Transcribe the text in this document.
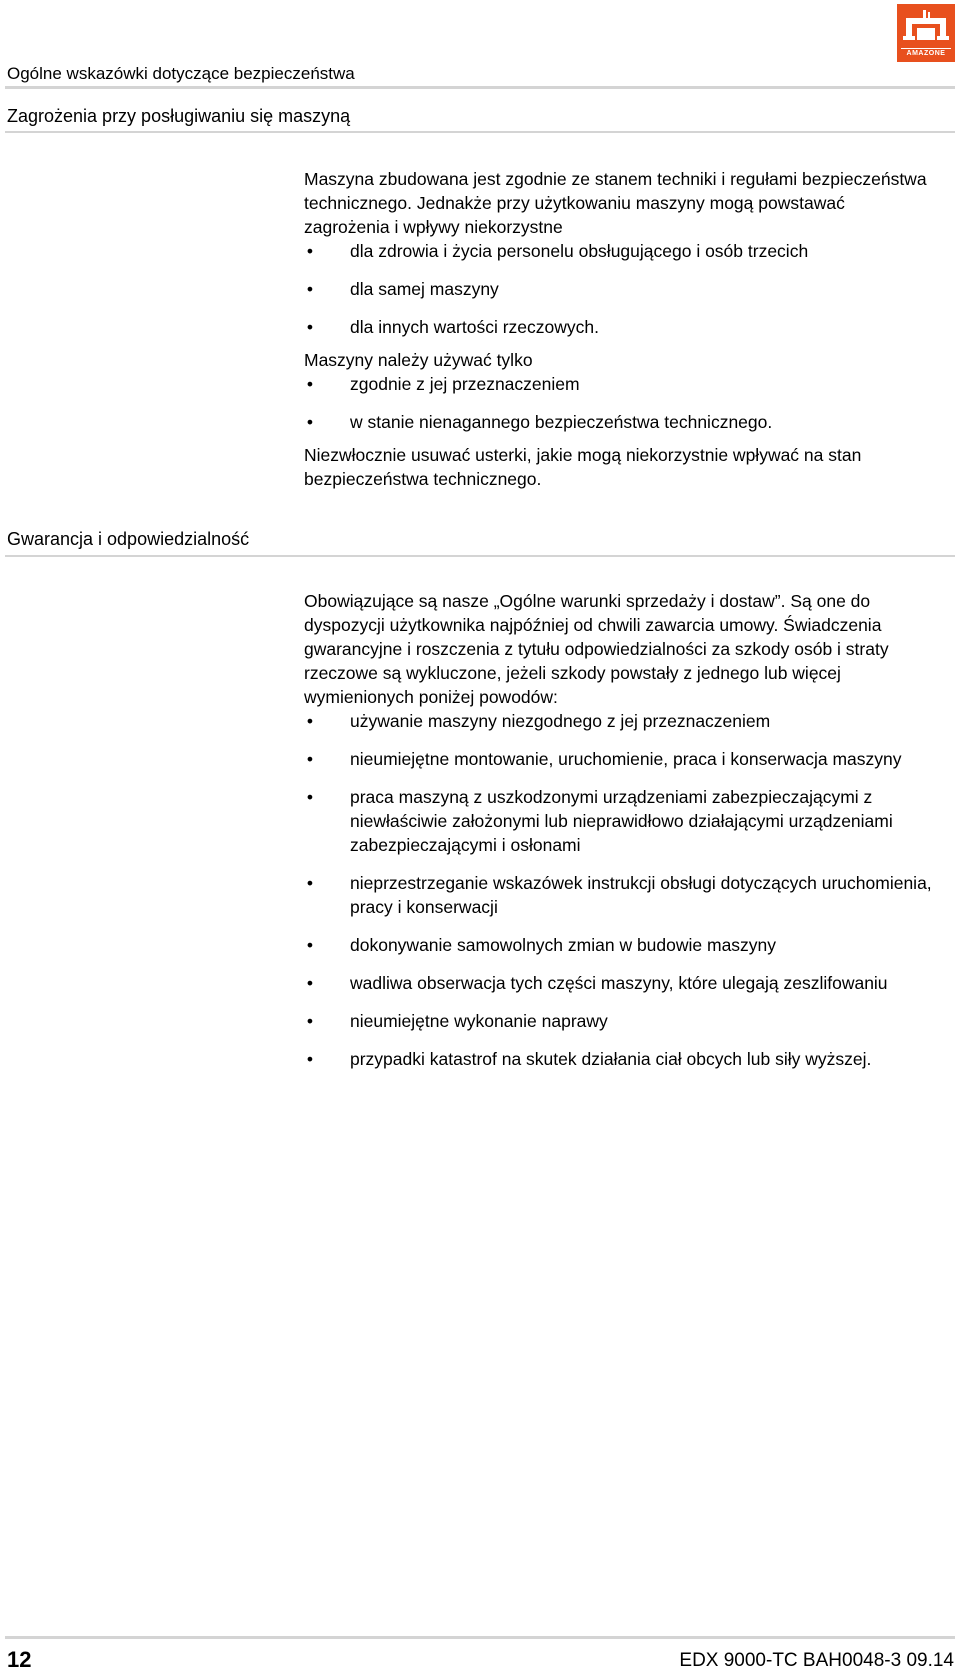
AMAZONE
Ogólne wskazówki dotyczące bezpieczeństwa
Zagrożenia przy posługiwaniu się maszyną

Maszyna zbudowana jest zgodnie ze stanem techniki i regułami bezpieczeństwa technicznego. Jednakże przy użytkowaniu maszyny mogą powstawać zagrożenia i wpływy niekorzystne

• dla zdrowia i życia personelu obsługującego i osób trzecich
• dla samej maszyny
• dla innych wartości rzeczowych.

Maszyny należy używać tylko

• zgodnie z jej przeznaczeniem
• w stanie nienagannego bezpieczeństwa technicznego.

Niezwłocznie usuwać usterki, jakie mogą niekorzystnie wpływać na stan bezpieczeństwa technicznego.

Gwarancja i odpowiedzialność

Obowiązujące są nasze „Ogólne warunki sprzedaży i dostaw”. Są one do dyspozycji użytkownika najpóźniej od chwili zawarcia umowy. Świadczenia gwarancyjne i roszczenia z tytułu odpowiedzialności za szkody osób i straty rzeczowe są wykluczone, jeżeli szkody powstały z jednego lub więcej wymienionych poniżej powodów:

• używanie maszyny niezgodnego z jej przeznaczeniem
• nieumiejętne montowanie, uruchomienie, praca i konserwacja maszyny
• praca maszyną z uszkodzonymi urządzeniami zabezpieczającymi z niewłaściwie założonymi lub nieprawidłowo działającymi urządzeniami zabezpieczającymi i osłonami
• nieprzestrzeganie wskazówek instrukcji obsługi dotyczących uruchomienia, pracy i konserwacji
• dokonywanie samowolnych zmian w budowie maszyny
• wadliwa obserwacja tych części maszyny, które ulegają zeszlifowaniu
• nieumiejętne wykonanie naprawy
• przypadki katastrof na skutek działania ciał obcych lub siły wyższej.
12	EDX 9000-TC BAH0048-3 09.14
